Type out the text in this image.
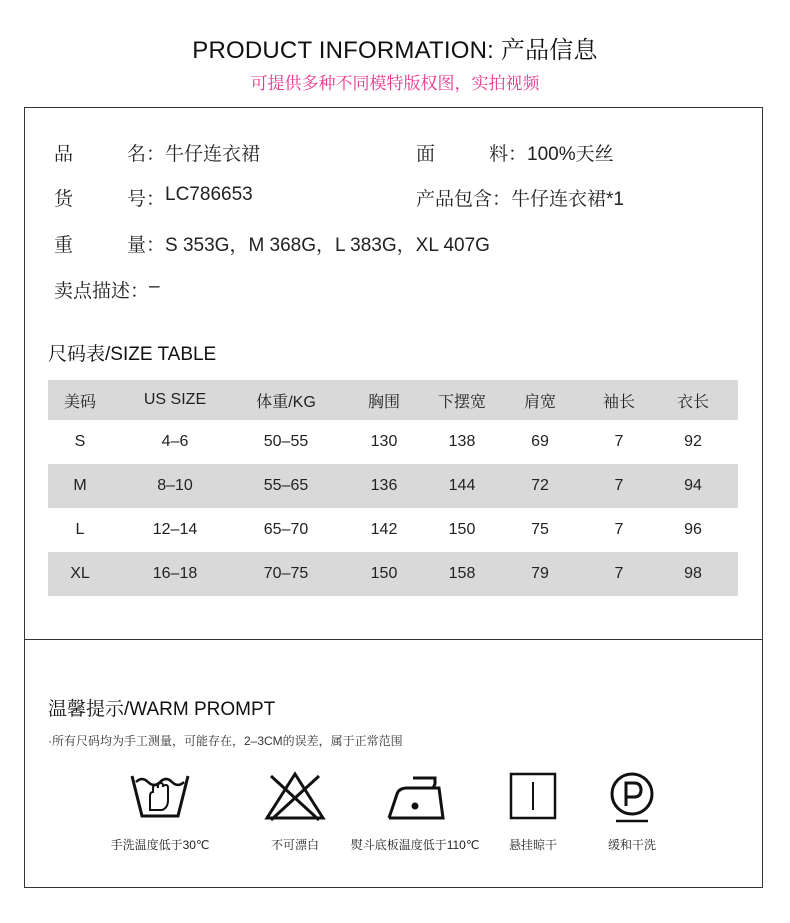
PRODUCT INFORMATION: 产品信息
可提供多种不同模特版权图，实拍视频
品	名 ： 牛仔连衣裙	面	料 ： 100%天丝
货	号 ： LC786653	产品包含 ： 牛仔连衣裙*1
重	量 ： S 353G，M 368G，L 383G，XL 407G
卖点描述 ： –
尺码表/SIZE TABLE
美码	US SIZE	体重/KG	胸围	下摆宽	肩宽	袖长	衣长
S	4–6	50–55	130	138	69	7	92
M	8–10	55–65	136	144	72	7	94
L	12–14	65–70	142	150	75	7	96
XL	16–18	70–75	150	158	79	7	98
温馨提示/WARM PROMPT
·所有尺码均为手工测量，可能存在，2–3CM的误差，属于正常范围
手洗温度低于30℃	不可漂白	熨斗底板温度低于110℃	悬挂晾干	缓和干洗
